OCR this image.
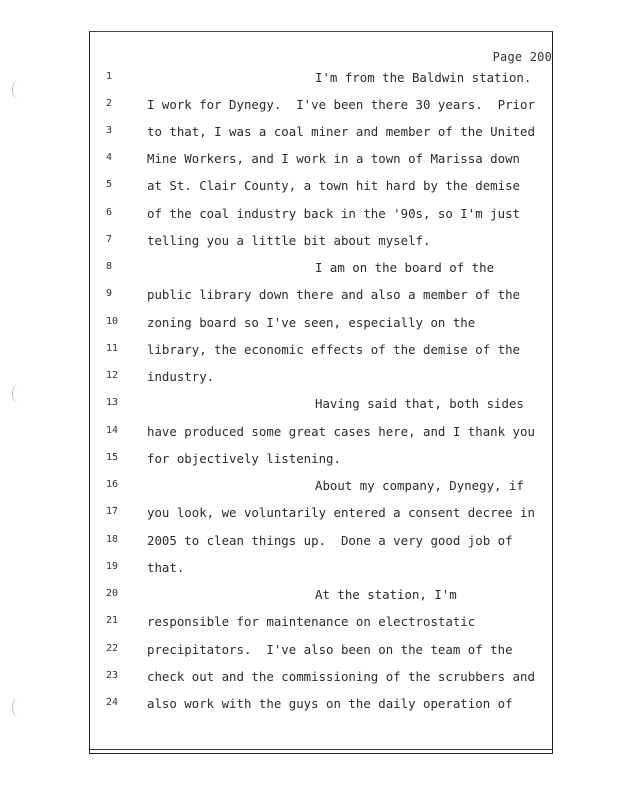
Page 200
1
2
3
4
5
6
7
8
9
10
11
12
13
14
15
16
17
18
19
20
21
22
23
24
I'm from the Baldwin station.
I work for Dynegy.  I've been there 30 years.  Prior
to that, I was a coal miner and member of the United
Mine Workers, and I work in a town of Marissa down
at St. Clair County, a town hit hard by the demise
of the coal industry back in the '90s, so I'm just
telling you a little bit about myself.
I am on the board of the
public library down there and also a member of the
zoning board so I've seen, especially on the
library, the economic effects of the demise of the
industry.
Having said that, both sides
have produced some great cases here, and I thank you
for objectively listening.
About my company, Dynegy, if
you look, we voluntarily entered a consent decree in
2005 to clean things up.  Done a very good job of
that.
At the station, I'm
responsible for maintenance on electrostatic
precipitators.  I've also been on the team of the
check out and the commissioning of the scrubbers and
also work with the guys on the daily operation of
